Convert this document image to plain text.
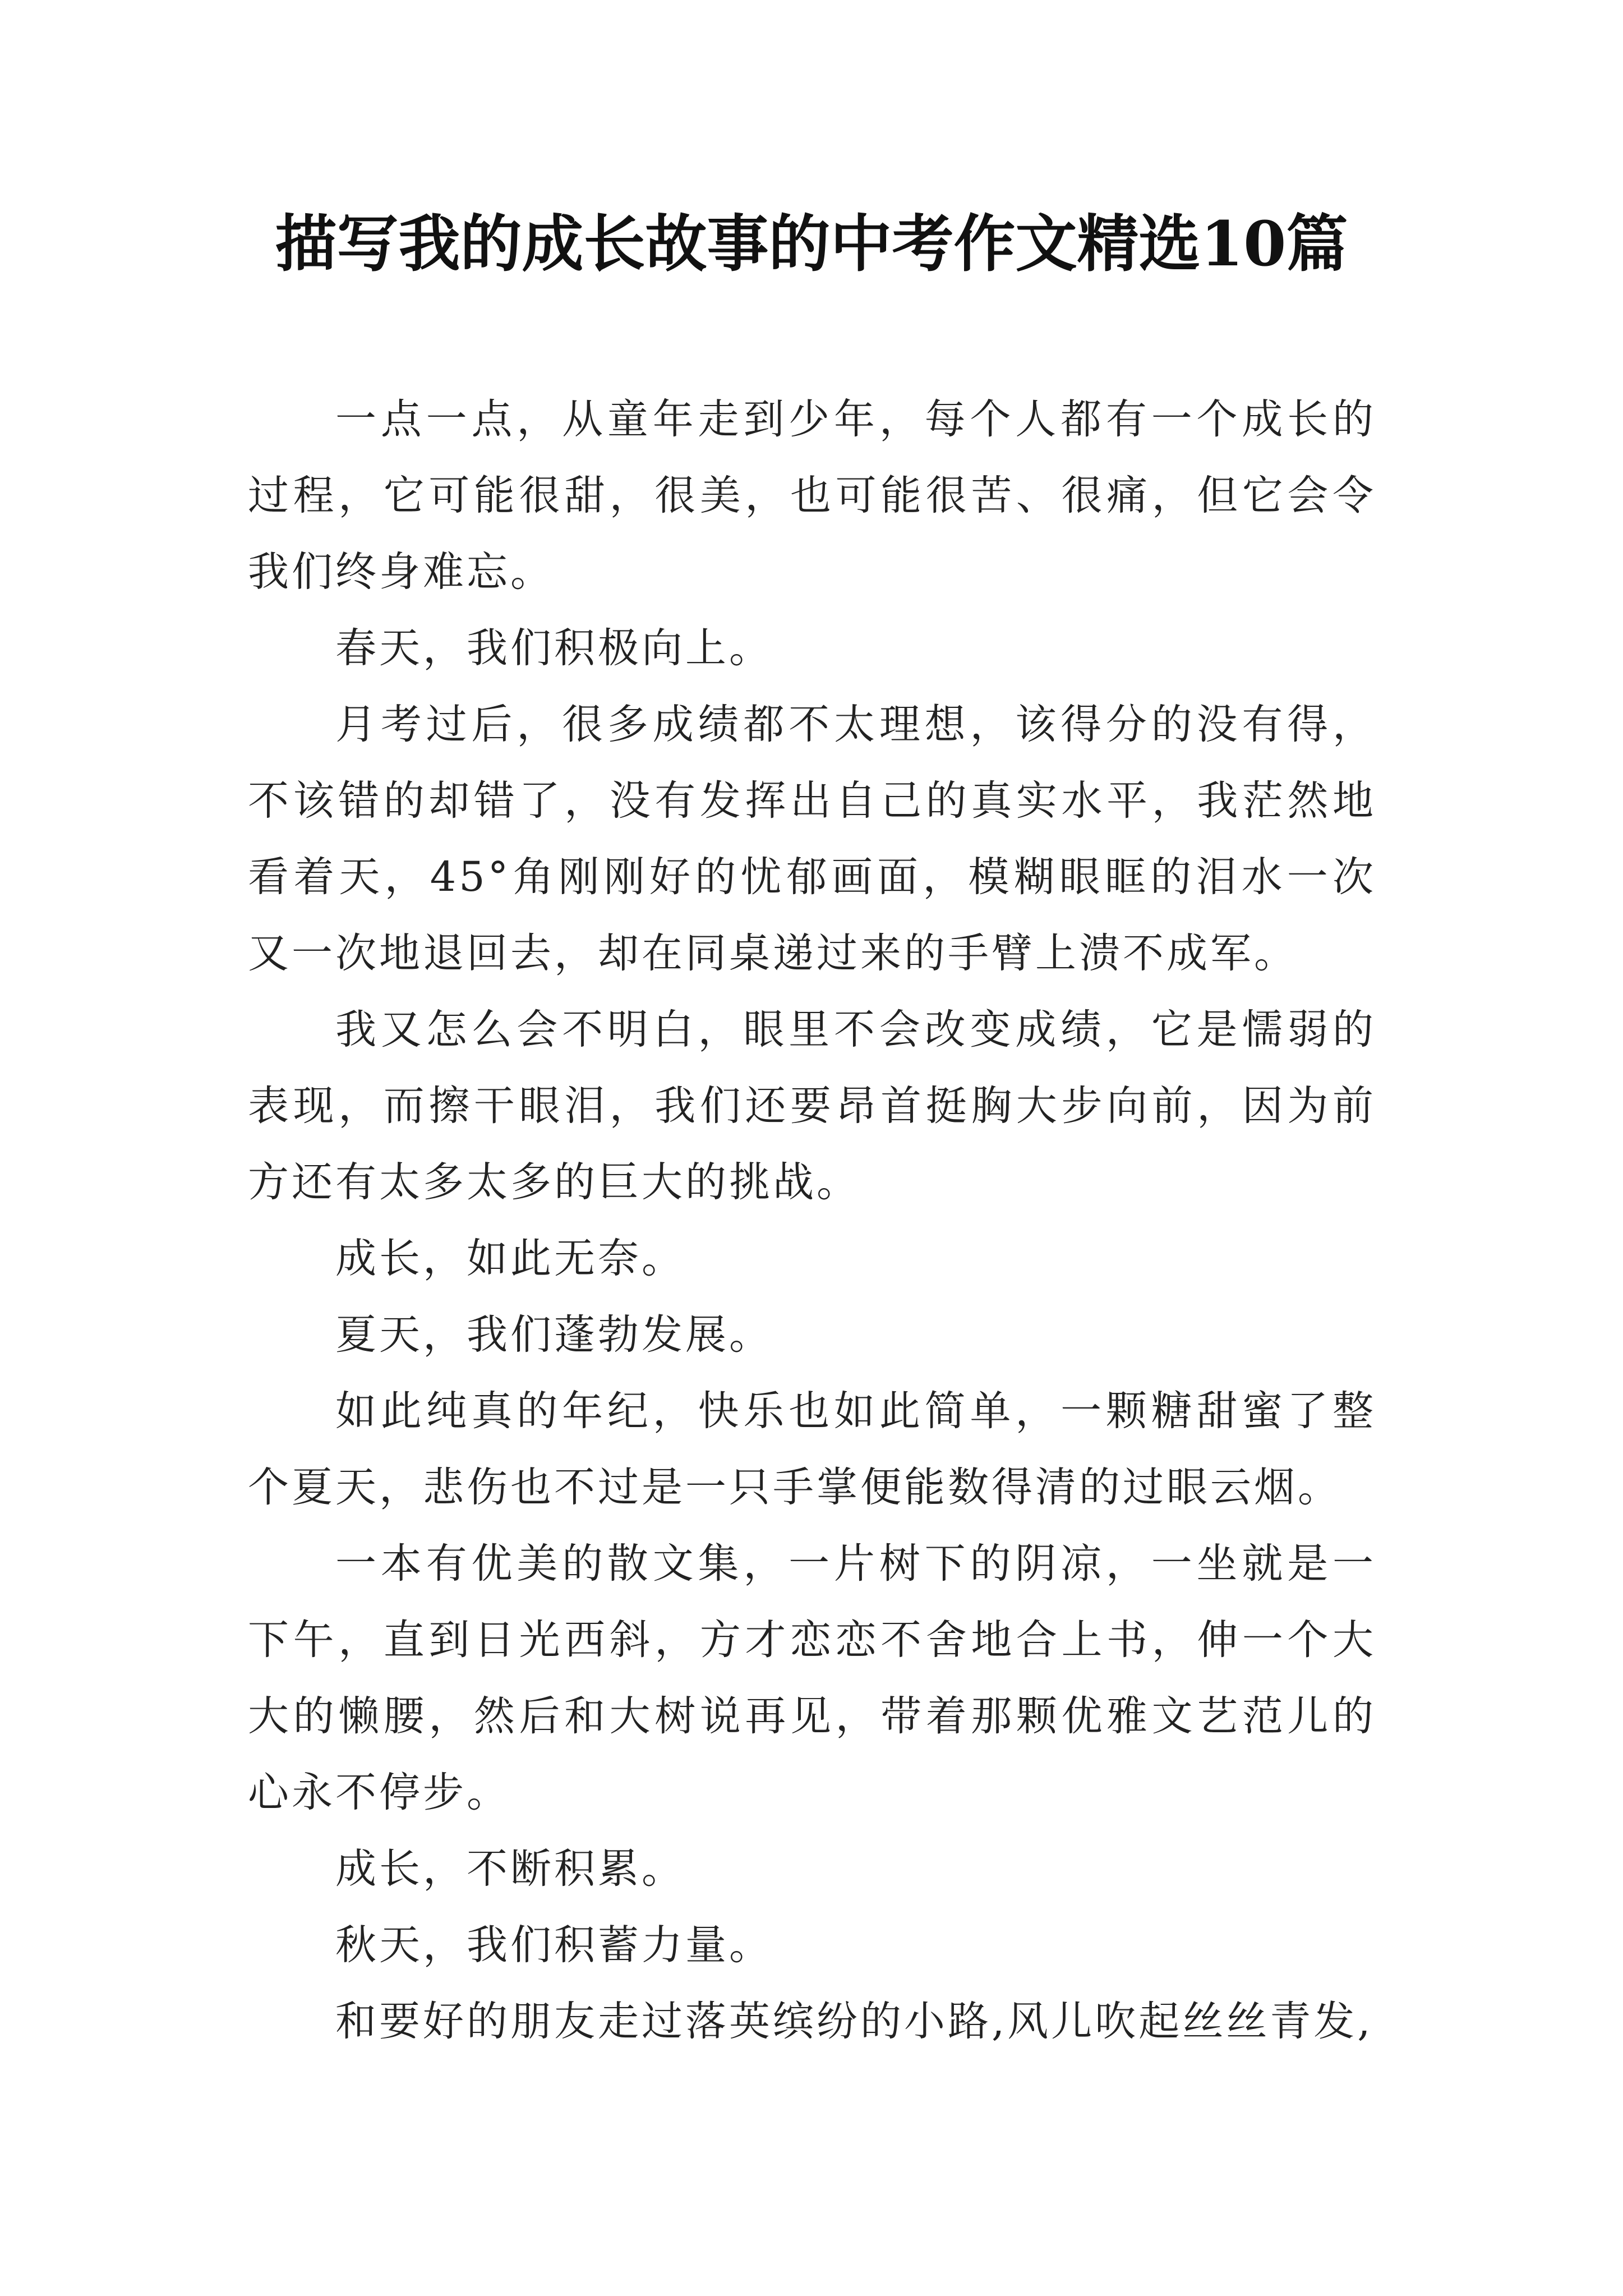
描写我的成长故事的中考作文精选10篇

一点一点，从童年走到少年，每个人都有一个成长的过程，它可能很甜，很美，也可能很苦、很痛，但它会令我们终身难忘。

春天，我们积极向上。

月考过后，很多成绩都不太理想，该得分的没有得，不该错的却错了，没有发挥出自己的真实水平，我茫然地看着天，45°角刚刚好的忧郁画面，模糊眼眶的泪水一次又一次地退回去，却在同桌递过来的手臂上溃不成军。

我又怎么会不明白，眼里不会改变成绩，它是懦弱的表现，而擦干眼泪，我们还要昂首挺胸大步向前，因为前方还有太多太多的巨大的挑战。

成长，如此无奈。

夏天，我们蓬勃发展。

如此纯真的年纪，快乐也如此简单，一颗糖甜蜜了整个夏天，悲伤也不过是一只手掌便能数得清的过眼云烟。

一本有优美的散文集，一片树下的阴凉，一坐就是一下午，直到日光西斜，方才恋恋不舍地合上书，伸一个大大的懒腰，然后和大树说再见，带着那颗优雅文艺范儿的心永不停步。

成长，不断积累。

秋天，我们积蓄力量。

和要好的朋友走过落英缤纷的小路,风儿吹起丝丝青发,
